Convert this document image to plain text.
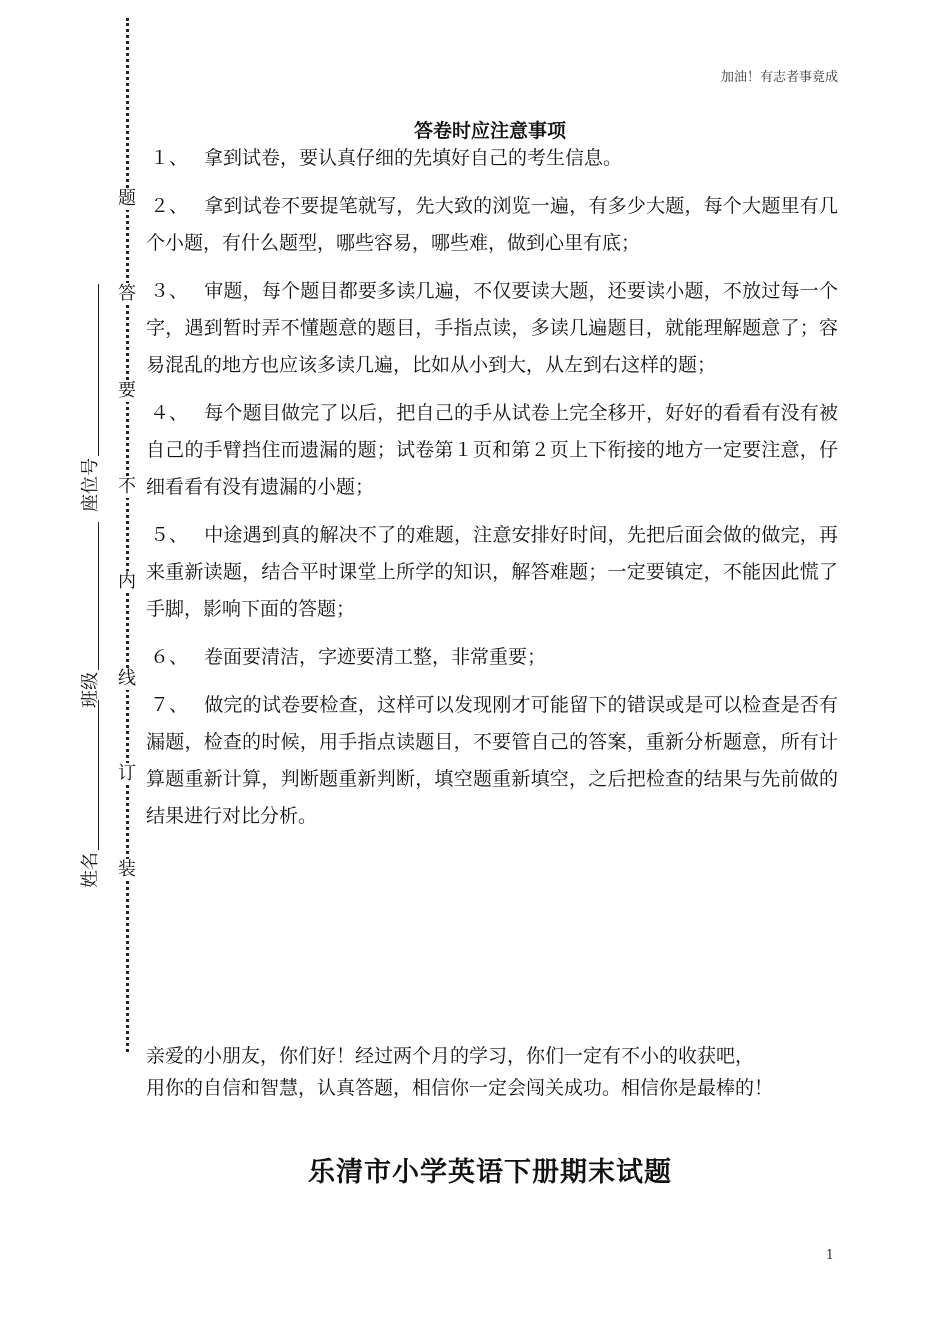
加油！有志者事竟成
题
答
要
不
内
线
订
装
座位号
班级
姓名
答卷时应注意事项

１、 拿到试卷，要认真仔细的先填好自己的考生信息。

２、 拿到试卷不要提笔就写，先大致的浏览一遍，有多少大题，每个大题里有几个小题，有什么题型，哪些容易，哪些难，做到心里有底；

３、 审题，每个题目都要多读几遍，不仅要读大题，还要读小题，不放过每一个字，遇到暂时弄不懂题意的题目，手指点读，多读几遍题目，就能理解题意了；容易混乱的地方也应该多读几遍，比如从小到大，从左到右这样的题；

４、 每个题目做完了以后，把自己的手从试卷上完全移开，好好的看看有没有被自己的手臂挡住而遗漏的题；试卷第１页和第２页上下衔接的地方一定要注意，仔细看看有没有遗漏的小题；

５、 中途遇到真的解决不了的难题，注意安排好时间，先把后面会做的做完，再来重新读题，结合平时课堂上所学的知识，解答难题；一定要镇定，不能因此慌了手脚，影响下面的答题；

６、 卷面要清洁，字迹要清工整，非常重要；

７、 做完的试卷要检查，这样可以发现刚才可能留下的错误或是可以检查是否有漏题，检查的时候，用手指点读题目，不要管自己的答案，重新分析题意，所有计算题重新计算，判断题重新判断，填空题重新填空，之后把检查的结果与先前做的结果进行对比分析。

亲爱的小朋友，你们好！经过两个月的学习，你们一定有不小的收获吧，
用你的自信和智慧，认真答题，相信你一定会闯关成功。相信你是最棒的！
乐清市小学英语下册期末试题
1
